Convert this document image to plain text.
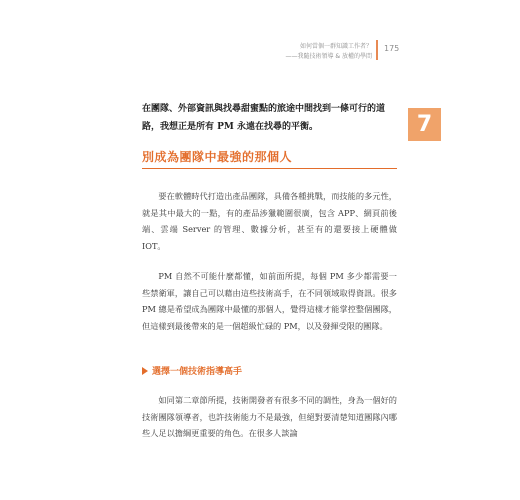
如何當個一群知識工作者？
——我隨技術領導 & 放權的學問
175
7
在團隊、外部資訊與找尋甜蜜點的旅途中間找到一條可行的道路，我想正是所有 PM 永遠在找尋的平衡。
別成為團隊中最強的那個人
要在軟體時代打造出產品團隊，具備各種挑戰，而技能的多元性，就是其中最大的一點，有的產品涉獵範圍很廣，包含 APP、網頁前後端、雲端 Server 的管理、數據分析，甚至有的還要接上硬體做 IOT。
PM 自然不可能什麼都懂，如前面所提，每個 PM 多少都需要一些禁衛軍，讓自己可以藉由這些技術高手，在不同領域取得資訊。很多 PM 總是希望成為團隊中最懂的那個人，覺得這樣才能掌控整個團隊，但這樣到最後帶來的是一個超級忙碌的 PM，以及發揮受限的團隊。
選擇一個技術指導高手
如同第二章節所提，技術開發者有很多不同的調性，身為一個好的技術團隊領導者，也許技術能力不是最強，但絕對要清楚知道團隊內哪些人足以擔綱更重要的角色。在很多人談論
